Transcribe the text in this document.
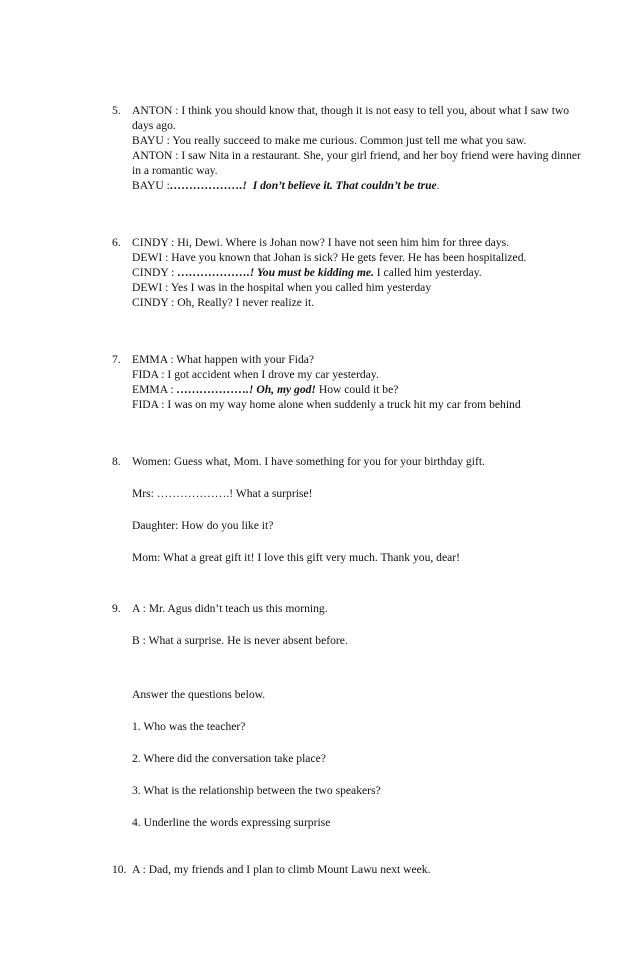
5. ANTON : I think you should know that, though it is not easy to tell you, about what I saw two days ago.
BAYU : You really succeed to make me curious. Common just tell me what you saw.
ANTON : I saw Nita in a restaurant. She, your girl friend, and her boy friend were having dinner in a romantic way.
BAYU :……………….! I don’t believe it. That couldn’t be true.
6. CINDY : Hi, Dewi. Where is Johan now? I have not seen him him for three days.
DEWI : Have you known that Johan is sick? He gets fever. He has been hospitalized.
CINDY : ……………….! You must be kidding me. I called him yesterday.
DEWI : Yes I was in the hospital when you called him yesterday
CINDY : Oh, Really? I never realize it.
7. EMMA : What happen with your Fida?
FIDA : I got accident when I drove my car yesterday.
EMMA : ……………….! Oh, my god! How could it be?
FIDA : I was on my way home alone when suddenly a truck hit my car from behind
8. Women: Guess what, Mom. I have something for you for your birthday gift.
Mrs: ……………….! What a surprise!
Daughter: How do you like it?
Mom: What a great gift it! I love this gift very much. Thank you, dear!
9. A : Mr. Agus didn’t teach us this morning.
B : What a surprise. He is never absent before.
Answer the questions below.
1. Who was the teacher?
2. Where did the conversation take place?
3. What is the relationship between the two speakers?
4. Underline the words expressing surprise
10. A : Dad, my friends and I plan to climb Mount Lawu next week.
